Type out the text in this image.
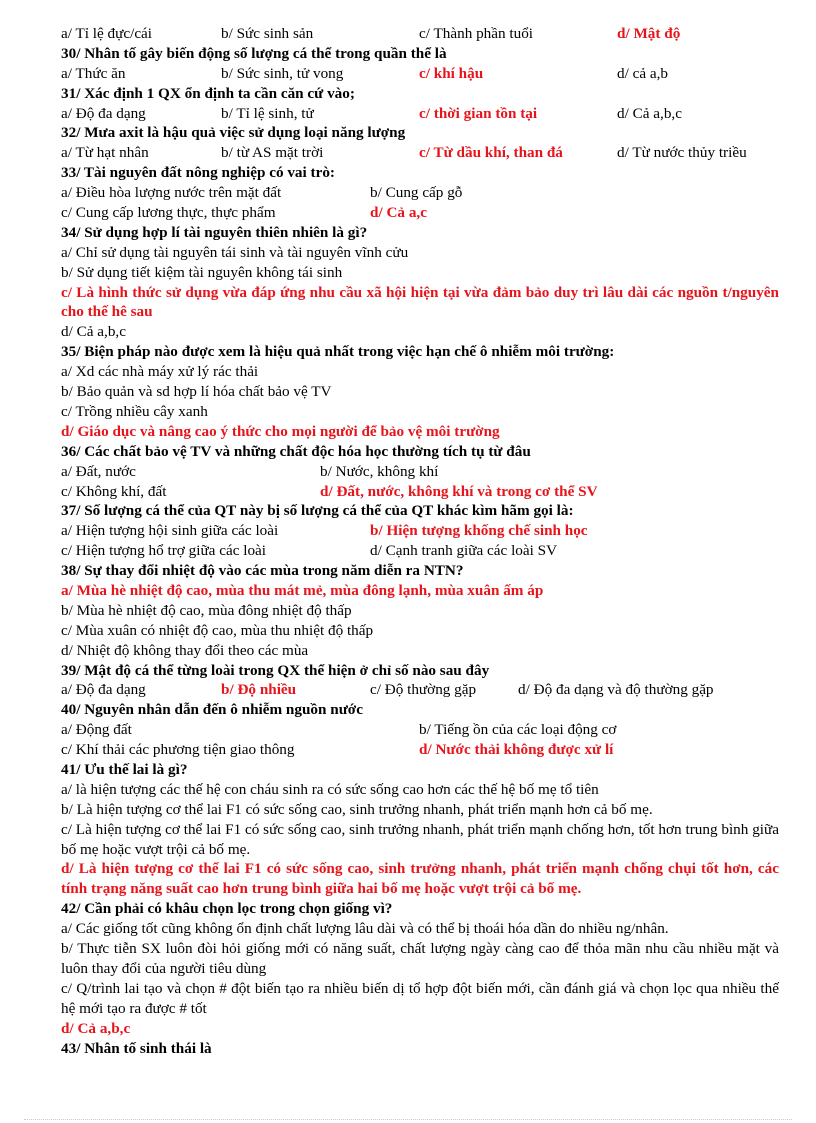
a/ Tỉ lệ đực/cái	b/ Sức sinh sản	c/ Thành phần tuổi	d/ Mật độ
30/ Nhân tố gây biến động số lượng cá thể trong quần thể là
a/ Thức ăn	b/ Sức sinh, tử vong	c/ khí hậu	d/ cả a,b
31/ Xác định 1 QX ổn định ta cần căn cứ vào;
a/ Độ đa dạng	b/ Tỉ lệ sinh, tử	c/ thời gian tồn tại	d/ Cả a,b,c
32/ Mưa axit là hậu quả việc sử dụng loại năng lượng
a/ Từ hạt nhân	b/ từ AS mặt trời	c/ Từ dầu khí, than đá	d/ Từ nước thủy triều
33/ Tài nguyên đất nông nghiệp có vai trò:
a/ Điều hòa lượng nước trên mặt đất	b/ Cung cấp gỗ
c/ Cung cấp lương thực, thực phẩm	d/ Cả a,c
34/ Sử dụng hợp lí tài nguyên thiên nhiên là gì?
a/ Chỉ sử dụng tài nguyên tái sinh và tài nguyên vĩnh cửu
b/ Sử dụng tiết kiệm tài nguyên không tái sinh
c/ Là hình thức sử dụng vừa đáp ứng nhu cầu xã hội hiện tại vừa đảm bảo duy trì lâu dài các nguồn t/nguyên cho thế hê sau
d/ Cả a,b,c
35/ Biện pháp nào được xem là hiệu quả nhất trong việc hạn chế ô nhiễm môi trường:
a/ Xd các nhà máy xử lý rác thải
b/ Bảo quản và sd hợp lí hóa chất bảo vệ TV
c/ Trồng nhiều cây xanh
d/ Giáo dục và nâng cao ý thức cho mọi người để bảo vệ môi trường
36/ Các chất bảo vệ TV và những chất độc hóa học thường tích tụ từ đâu
a/ Đất, nước	b/ Nước, không khí
c/ Không khí, đất	d/ Đất, nước, không khí và trong cơ thể SV
37/ Số lượng cá thể của QT này bị số lượng cá thể của QT khác kìm hãm gọi là:
a/ Hiện tượng hội sinh giữa các loài	b/ Hiện tượng khống chế sinh học
c/ Hiện tượng hổ trợ giữa các loài	d/ Cạnh tranh giữa các loài SV
38/ Sự thay đổi nhiệt độ vào các mùa trong năm diễn ra NTN?
a/ Mùa hè nhiệt độ cao, mùa thu mát mẻ, mùa đông lạnh, mùa xuân ấm áp
b/ Mùa hè nhiệt độ cao, mùa đông nhiệt độ thấp
c/ Mùa xuân có nhiệt độ cao, mùa thu nhiệt độ thấp
d/ Nhiệt độ không thay đổi theo các mùa
39/ Mật độ cá thể từng loài trong QX thể hiện ở chỉ số nào sau đây
a/ Độ đa dạng	b/ Độ nhiều	c/ Độ thường gặp	d/ Độ đa dạng và độ thường gặp
40/ Nguyên nhân dẫn đến ô nhiễm nguồn nước
a/ Động đất	b/ Tiếng ồn của các loại động cơ
c/ Khí thải các phương tiện giao thông	d/ Nước thải không được xử lí
41/ Ưu thế lai là gì?
a/ là hiện tượng các thế hệ con cháu sinh ra có sức sống cao hơn các thế hệ bố mẹ tổ tiên
b/ Là hiện tượng cơ thể lai F1 có sức sống cao, sinh trưởng nhanh, phát triển mạnh hơn cả bố mẹ.
c/ Là hiện tượng cơ thể lai F1 có sức sống cao, sinh trưởng nhanh, phát triển mạnh chống hơn, tốt hơn trung bình giữa bố mẹ hoặc vượt trội cả bố mẹ.
d/ Là hiện tượng cơ thể lai F1 có sức sống cao, sinh trưởng nhanh, phát triển mạnh chống chụi tốt hơn, các tính trạng năng suất cao hơn trung bình giữa hai bố mẹ hoặc vượt trội cả bố mẹ.
42/ Cần phải có khâu chọn lọc trong chọn giống vì?
a/ Các giống tốt cũng không ổn định chất lượng lâu dài và có thể bị thoái hóa dần do nhiều ng/nhân.
b/ Thực tiễn SX luôn đòi hỏi giống mới có năng suất, chất lượng ngày càng cao để thỏa mãn nhu cầu nhiều mặt và luôn thay đổi của người tiêu dùng
c/ Q/trình lai tạo và chọn # đột biến tạo ra nhiều biến dị tổ hợp đột biến mới, cần đánh giá và chọn lọc qua nhiều thế hệ mới tạo ra được # tốt
d/ Cả a,b,c
43/ Nhân tố sinh thái là
